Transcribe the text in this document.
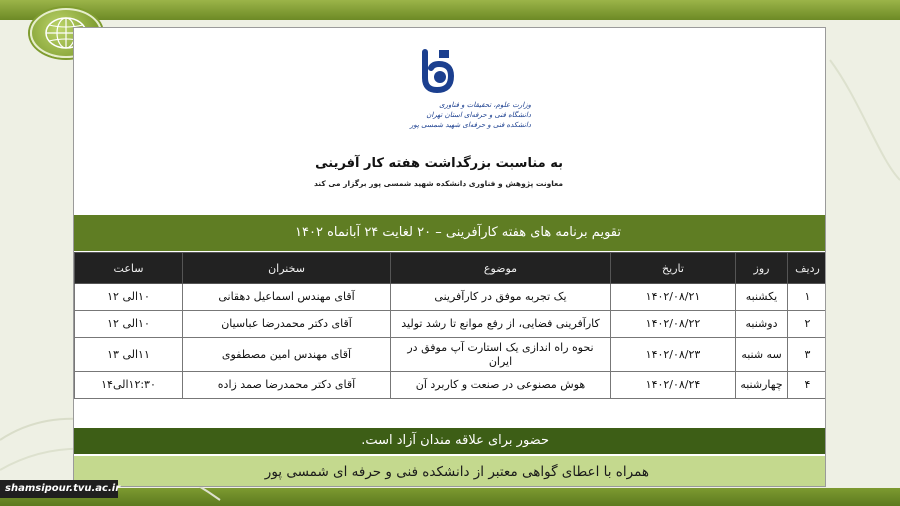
وزارت علوم، تحقیقات و فناوری
دانشگاه فنی و حرفه‌ای استان تهران
دانشکده فنی و حرفه‌ای شهید شمسی پور
به مناسبت بزرگداشت هفته کار آفرینی
معاونت پژوهش و فناوری دانشکده شهید شمسی پور برگزار می کند
تقویم برنامه های هفته کارآفرینی – ۲۰ لغایت ۲۴ آبانماه ۱۴۰۲
ردیف	روز	تاریخ	موضوع	سخنران	ساعت
۱	یکشنبه	۱۴۰۲/۰۸/۲۱	یک تجربه موفق در کارآفرینی	آقای مهندس اسماعیل دهقانی	۱۰الی ۱۲
۲	دوشنبه	۱۴۰۲/۰۸/۲۲	کارآفرینی فضایی، از رفع موانع تا رشد تولید	آقای دکتر محمدرضا عباسیان	۱۰الی ۱۲
۳	سه شنبه	۱۴۰۲/۰۸/۲۳	نحوه راه اندازی یک استارت آپ موفق در ایران	آقای مهندس امین مصطفوی	۱۱الی ۱۳
۴	چهارشنبه	۱۴۰۲/۰۸/۲۴	هوش مصنوعی در صنعت و کاربرد آن	آقای دکتر محمدرضا صمد زاده	۱۲:۳۰الی۱۴
حضور برای علاقه مندان آزاد است.
همراه با اعطای گواهی معتبر از دانشکده فنی و حرفه ای شمسی پور
shamsipour.tvu.ac.ir
